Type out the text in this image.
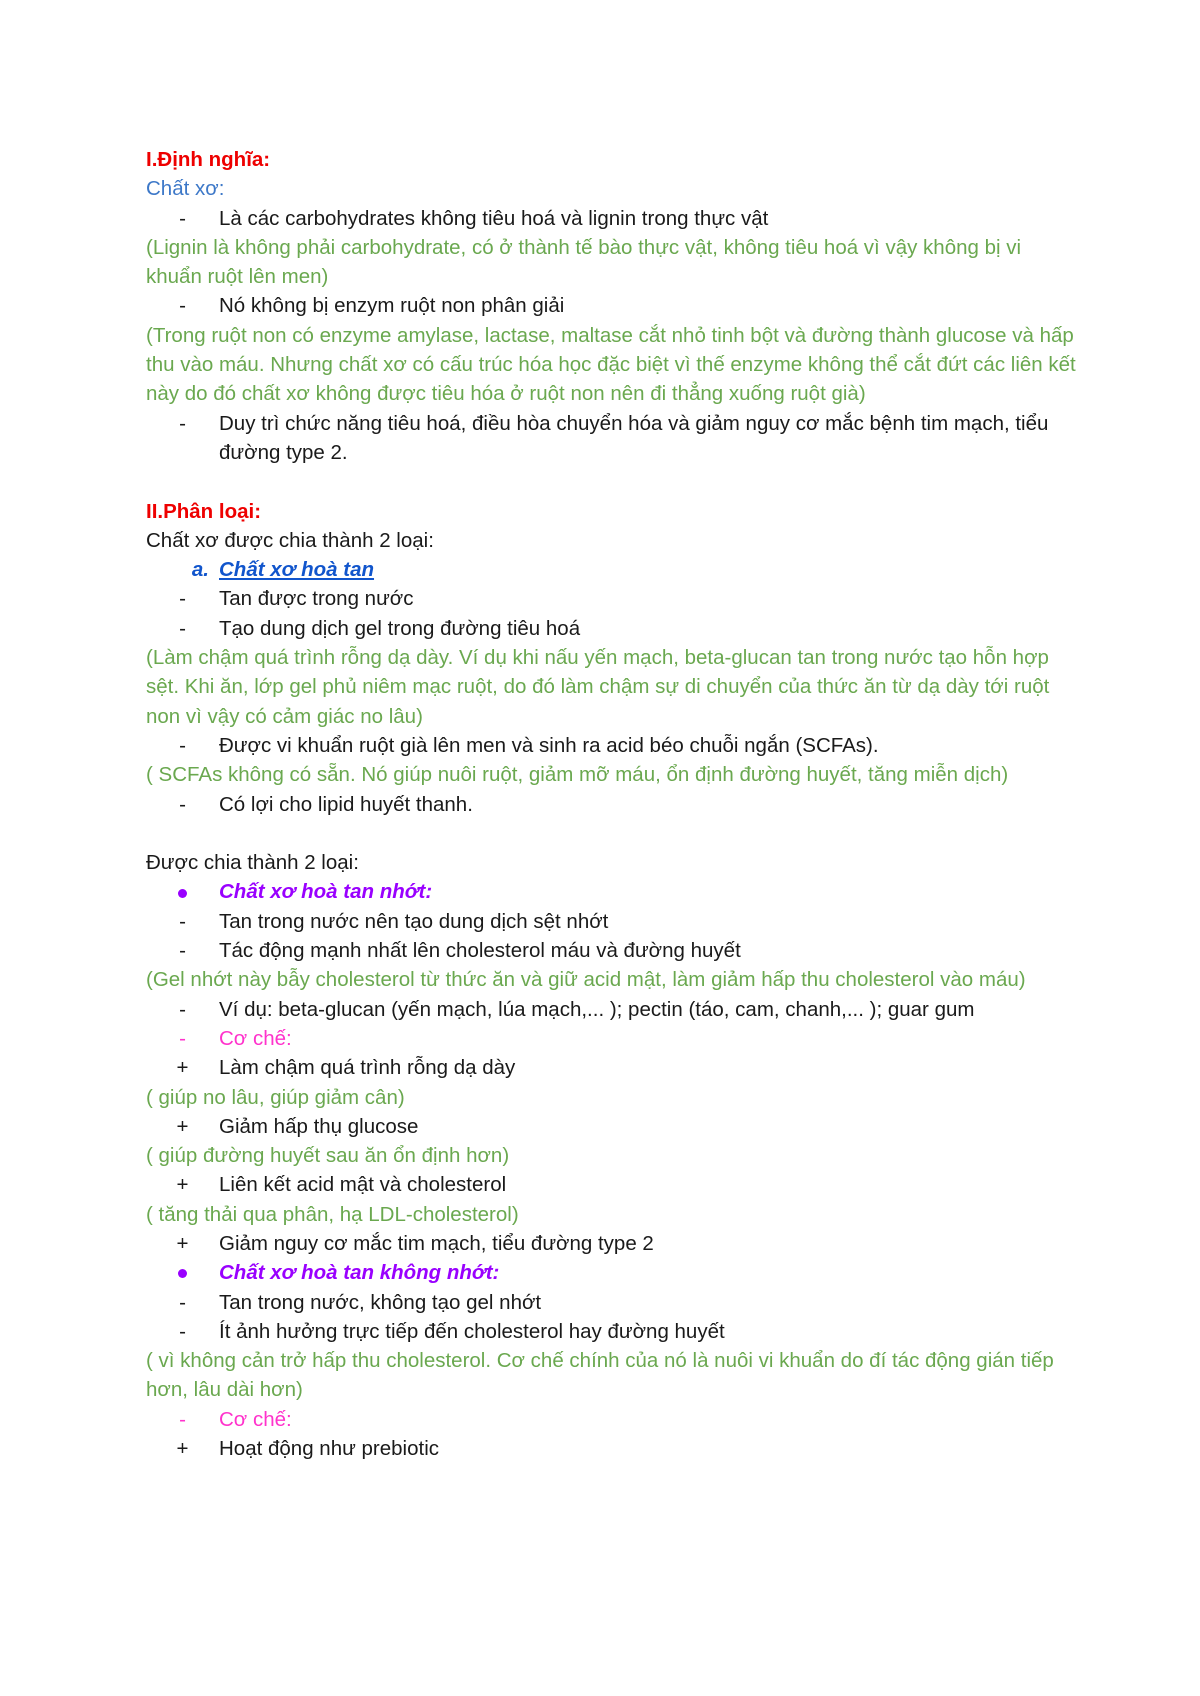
I.Định nghĩa:
Chất xơ:
-	Là các carbohydrates không tiêu hoá và lignin trong thực vật
(Lignin là không phải carbohydrate, có ở thành tế bào thực vật, không tiêu hoá vì vậy không bị vi khuẩn ruột lên men)
-	Nó không bị enzym ruột non phân giải
(Trong ruột non có enzyme amylase, lactase, maltase cắt nhỏ tinh bột và đường thành glucose và hấp thu vào máu. Nhưng chất xơ có cấu trúc hóa học đặc biệt vì thế enzyme không thể cắt đứt các liên kết này do đó chất xơ không được tiêu hóa ở ruột non nên đi thẳng xuống ruột già)
-	Duy trì chức năng tiêu hoá, điều hòa chuyển hóa và giảm nguy cơ mắc bệnh tim mạch, tiểu đường type 2.
II.Phân loại:
Chất xơ được chia thành 2 loại:
a. Chất xơ hoà tan
-	Tan được trong nước
-	Tạo dung dịch gel trong đường tiêu hoá
(Làm chậm quá trình rỗng dạ dày. Ví dụ khi nấu yến mạch, beta-glucan tan trong nước tạo hỗn hợp sệt. Khi ăn, lớp gel phủ niêm mạc ruột, do đó làm chậm sự di chuyển của thức ăn từ dạ dày tới ruột non vì vậy có cảm giác no lâu)
-	Được vi khuẩn ruột già lên men và sinh ra acid béo chuỗi ngắn (SCFAs).
( SCFAs không có sẵn. Nó giúp nuôi ruột, giảm mỡ máu, ổn định đường huyết, tăng miễn dịch)
-	Có lợi cho lipid huyết thanh.
Được chia thành 2 loại:
Chất xơ hoà tan nhớt:
-	Tan trong nước nên tạo dung dịch sệt nhớt
-	Tác động mạnh nhất lên cholesterol máu và đường huyết
(Gel nhớt này bẫy cholesterol từ thức ăn và giữ acid mật, làm giảm hấp thu cholesterol vào máu)
-	Ví dụ: beta-glucan (yến mạch, lúa mạch,... ); pectin (táo, cam, chanh,... ); guar gum
-	Cơ chế:
+	Làm chậm quá trình rỗng dạ dày
( giúp no lâu, giúp giảm cân)
+	Giảm hấp thụ glucose
( giúp đường huyết sau ăn ổn định hơn)
+	Liên kết acid mật và cholesterol
( tăng thải qua phân, hạ LDL-cholesterol)
+	Giảm nguy cơ mắc tim mạch, tiểu đường type 2
Chất xơ hoà tan không nhớt:
-	Tan trong nước, không tạo gel nhớt
-	Ít ảnh hưởng trực tiếp đến cholesterol hay đường huyết
( vì không cản trở hấp thu cholesterol. Cơ chế chính của nó là nuôi vi khuẩn do đí tác động gián tiếp hơn, lâu dài hơn)
-	Cơ chế:
+	Hoạt động như prebiotic
